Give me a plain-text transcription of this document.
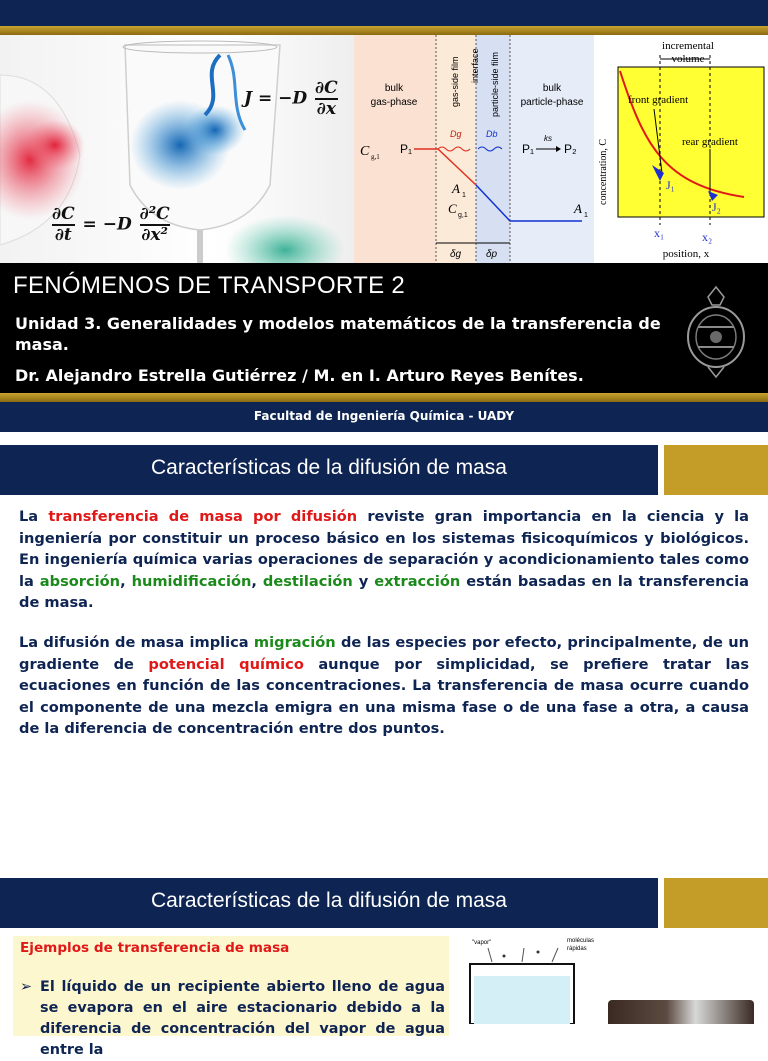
$J = -D \frac{\partial C}{\partial x}$
$\frac{\partial C}{\partial t} = -D \frac{\text{∂²C}}{\text{∂x²}}$
bulk
gas-phase	gas-side film interface particle-side film	bulk
particle-phase
C g,1
P₁
Dg	Db
P₁
ks
P₂
A 1
C g,1	A 1
δg δp
incremental
volume
front gradient
rear gradient
J₁
J₂
concentration, C
x₁	x₂
position, x
FENÓMENOS DE TRANSPORTE 2
Unidad 3. Generalidades y modelos matemáticos de la transferencia de masa.
Dr. Alejandro Estrella Gutiérrez / M. en I. Arturo Reyes Benítes.
Facultad de Ingeniería Química - UADY
Características de la difusión de masa

La transferencia de masa por difusión reviste gran importancia en la ciencia y la ingeniería por constituir un proceso básico en los sistemas fisicoquímicos y biológicos. En ingeniería química varias operaciones de separación y acondicionamiento tales como la absorción, humidificación, destilación y extracción están basadas en la transferencia de masa.

La difusión de masa implica migración de las especies por efecto, principalmente, de un gradiente de potencial químico aunque por simplicidad, se prefiere tratar las ecuaciones en función de las concentraciones. La transferencia de masa ocurre cuando el componente de una mezcla emigra en una misma fase o de una fase a otra, a causa de la diferencia de concentración entre dos puntos.

Características de la difusión de masa
Ejemplos de transferencia de masa
➢ El líquido de un recipiente abierto lleno de agua se evapora en el aire estacionario debido a la diferencia de concentración del vapor de agua entre la
"vapor"	moléculas
rápidas
